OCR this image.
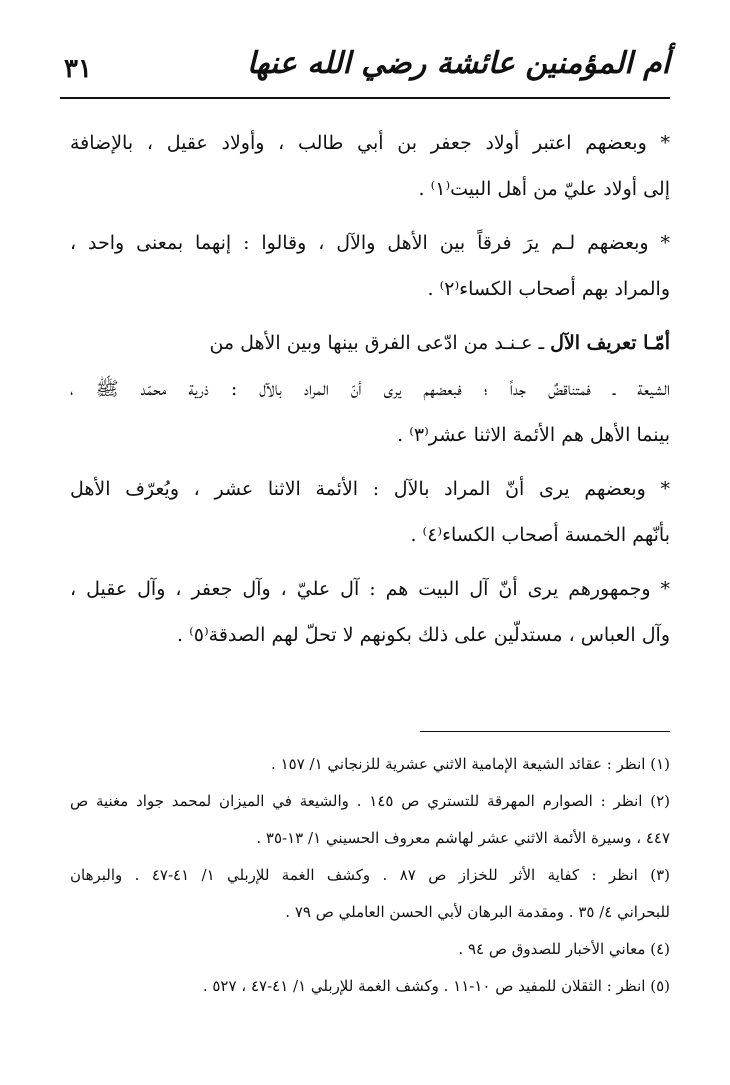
أم المؤمنين عائشة رضي الله عنها
٣١
* وبعضهم اعتبر أولاد جعفر بن أبي طالب ، وأولاد عقيل ، بالإضافة
إلى أولاد عليّ من أهل البيت⁽١⁾ .
* وبعضهم لـم يرَ فرقاً بين الأهل والآل ، وقالوا : إنهما بمعنى واحد ،
والمراد بهم أصحاب الكساء⁽٢⁾ .
أمّـا تعريف الآل ـ عـنـد من ادّعى الفرق بينها وبين الأهل من
الشيعة ـ فمتناقضٌ جداً ؛ فبعضهم يرى أنّ المراد بالآل : ذرية محمّد ﷺ ،
بينما الأهل هم الأئمة الاثنا عشر⁽٣⁾ .
* وبعضهم يرى أنّ المراد بالآل : الأئمة الاثنا عشر ، ويُعرّف الأهل
بأنّهم الخمسة أصحاب الكساء⁽٤⁾ .
* وجمهورهم يرى أنّ آل البيت هم : آل عليّ ، وآل جعفر ، وآل عقيل ،
وآل العباس ، مستدلّين على ذلك بكونهم لا تحلّ لهم الصدقة⁽٥⁾ .
(١) انظر : عقائد الشيعة الإمامية الاثني عشرية للزنجاني ١/ ١٥٧ .
(٢) انظر : الصوارم المهرقة للتستري ص ١٤٥ . والشيعة في الميزان لمحمد جواد مغنية ص
٤٤٧ ، وسيرة الأئمة الاثني عشر لهاشم معروف الحسيني ١/ ١٣-٣٥ .
(٣) انظر : كفاية الأثر للخزاز ص ٨٧ . وكشف الغمة للإربلي ١/ ٤١-٤٧ . والبرهان
للبحراني ٤/ ٣٥ . ومقدمة البرهان لأبي الحسن العاملي ص ٧٩ .
(٤) معاني الأخبار للصدوق ص ٩٤ .
(٥) انظر : الثقلان للمفيد ص ١٠-١١ . وكشف الغمة للإربلي ١/ ٤١-٤٧ ، ٥٢٧ .
